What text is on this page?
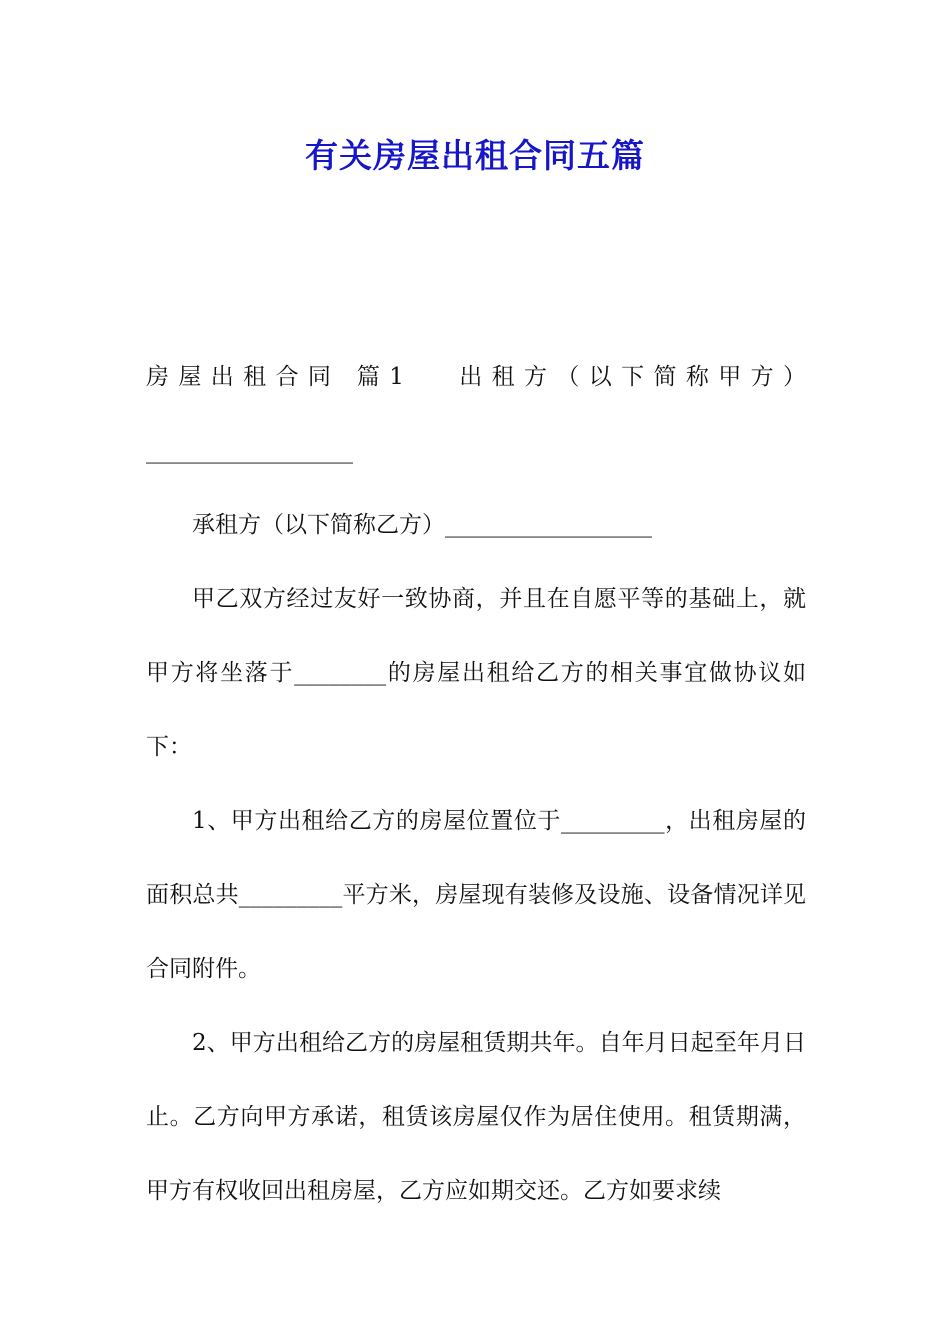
有关房屋出租合同五篇

房屋出租合同 篇1 出租方（以下简称甲方）__________________

承租方（以下简称乙方）__________________

甲乙双方经过友好一致协商，并且在自愿平等的基础上，就甲方将坐落于________的房屋出租给乙方的相关事宜做协议如下：

1、甲方出租给乙方的房屋位置位于_________，出租房屋的面积总共_________平方米，房屋现有装修及设施、设备情况详见合同附件。

2、甲方出租给乙方的房屋租赁期共年。自年月日起至年月日止。乙方向甲方承诺，租赁该房屋仅作为居住使用。租赁期满，甲方有权收回出租房屋，乙方应如期交还。乙方如要求续
